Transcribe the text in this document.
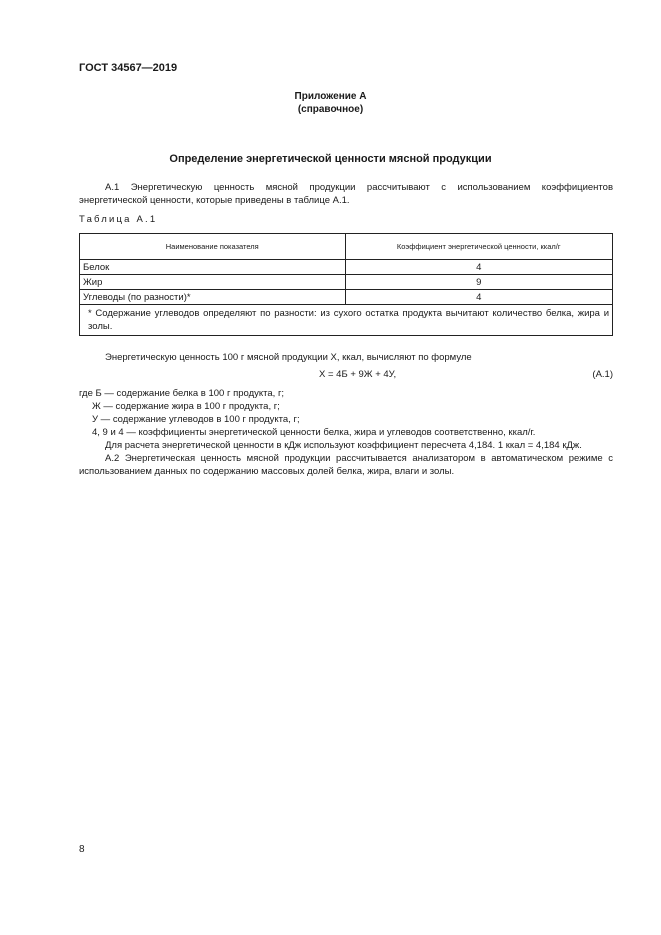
ГОСТ 34567—2019
Приложение А
(справочное)
Определение энергетической ценности мясной продукции
А.1 Энергетическую ценность мясной продукции рассчитывают с использованием коэффициентов энергетической ценности, которые приведены в таблице А.1.
Таблица А.1
Наименование показателя	Коэффициент энергетической ценности, ккал/г
Белок	4
Жир	9
Углеводы (по разности)*	4
* Содержание углеводов определяют по разности: из сухого остатка продукта вычитают количество белка, жира и золы.	
Энергетическую ценность 100 г мясной продукции X, ккал, вычисляют по формуле
X = 4Б + 9Ж + 4У,	(А.1)
где Б — содержание белка в 100 г продукта, г;
Ж — содержание жира в 100 г продукта, г;
У — содержание углеводов в 100 г продукта, г;
4, 9 и 4 — коэффициенты энергетической ценности белка, жира и углеводов соответственно, ккал/г.
Для расчета энергетической ценности в кДж используют коэффициент пересчета 4,184. 1 ккал = 4,184 кДж.
А.2 Энергетическая ценность мясной продукции рассчитывается анализатором в автоматическом режиме с использованием данных по содержанию массовых долей белка, жира, влаги и золы.
8
